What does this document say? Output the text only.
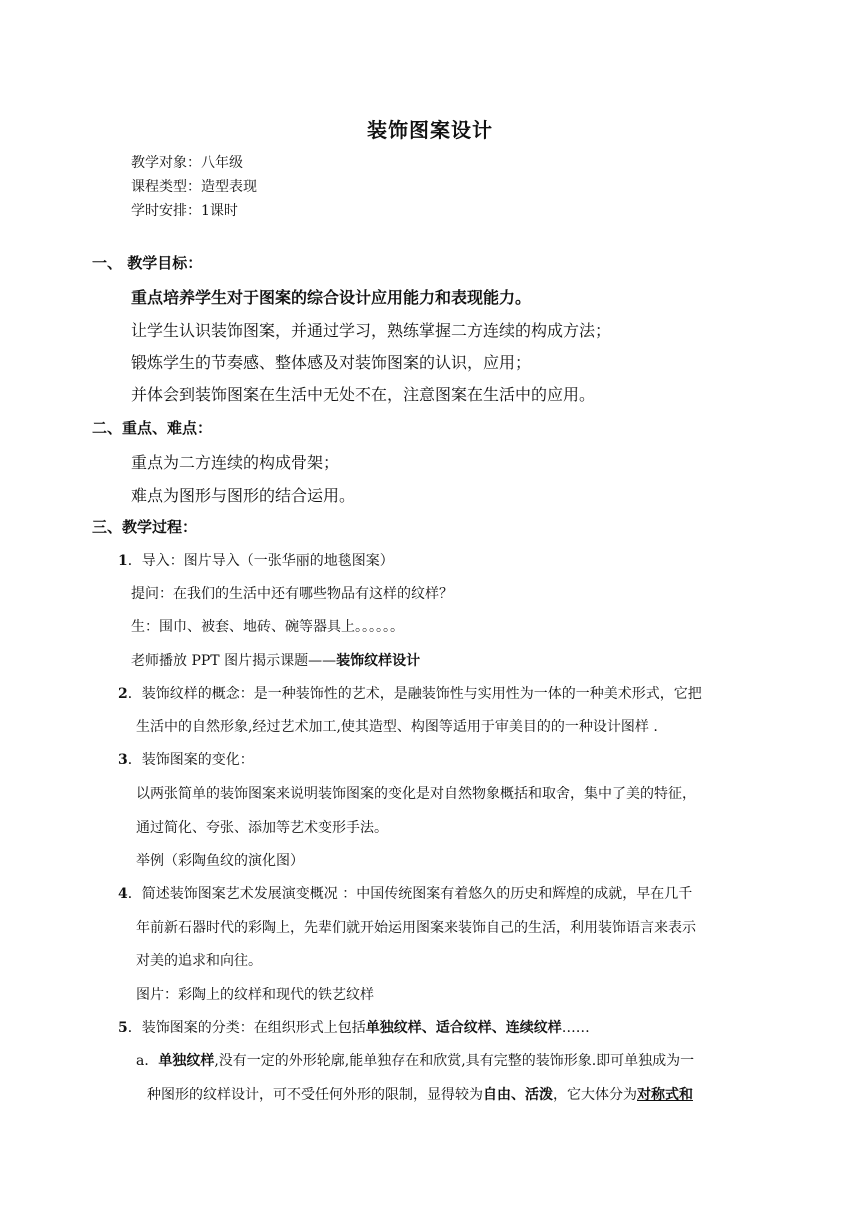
装饰图案设计
教学对象：八年级
课程类型：造型表现
学时安排：1课时
一、 教学目标：
重点培养学生对于图案的综合设计应用能力和表现能力。
让学生认识装饰图案，并通过学习，熟练掌握二方连续的构成方法；
锻炼学生的节奏感、整体感及对装饰图案的认识，应用；
并体会到装饰图案在生活中无处不在，注意图案在生活中的应用。
二、重点、难点：
重点为二方连续的构成骨架；
难点为图形与图形的结合运用。
三、教学过程：
1．导入：图片导入（一张华丽的地毯图案）
提问：在我们的生活中还有哪些物品有这样的纹样？
生：围巾、被套、地砖、碗等器具上。。。。。。
老师播放 PPT 图片揭示课题——装饰纹样设计
2．装饰纹样的概念：是一种装饰性的艺术，是融装饰性与实用性为一体的一种美术形式，它把
生活中的自然形象,经过艺术加工,使其造型、构图等适用于审美目的的一种设计图样 .
3．装饰图案的变化：
以两张简单的装饰图案来说明装饰图案的变化是对自然物象概括和取舍，集中了美的特征，
通过简化、夸张、添加等艺术变形手法。
举例（彩陶鱼纹的演化图）
4．简述装饰图案艺术发展演变概况 ：中国传统图案有着悠久的历史和辉煌的成就，早在几千
年前新石器时代的彩陶上，先辈们就开始运用图案来装饰自己的生活，利用装饰语言来表示
对美的追求和向往。
图片：彩陶上的纹样和现代的铁艺纹样
5．装饰图案的分类：在组织形式上包括单独纹样、适合纹样、连续纹样……
a．单独纹样,没有一定的外形轮廓,能单独存在和欣赏,具有完整的装饰形象.即可单独成为一
种图形的纹样设计，可不受任何外形的限制，显得较为自由、活泼，它大体分为对称式和
